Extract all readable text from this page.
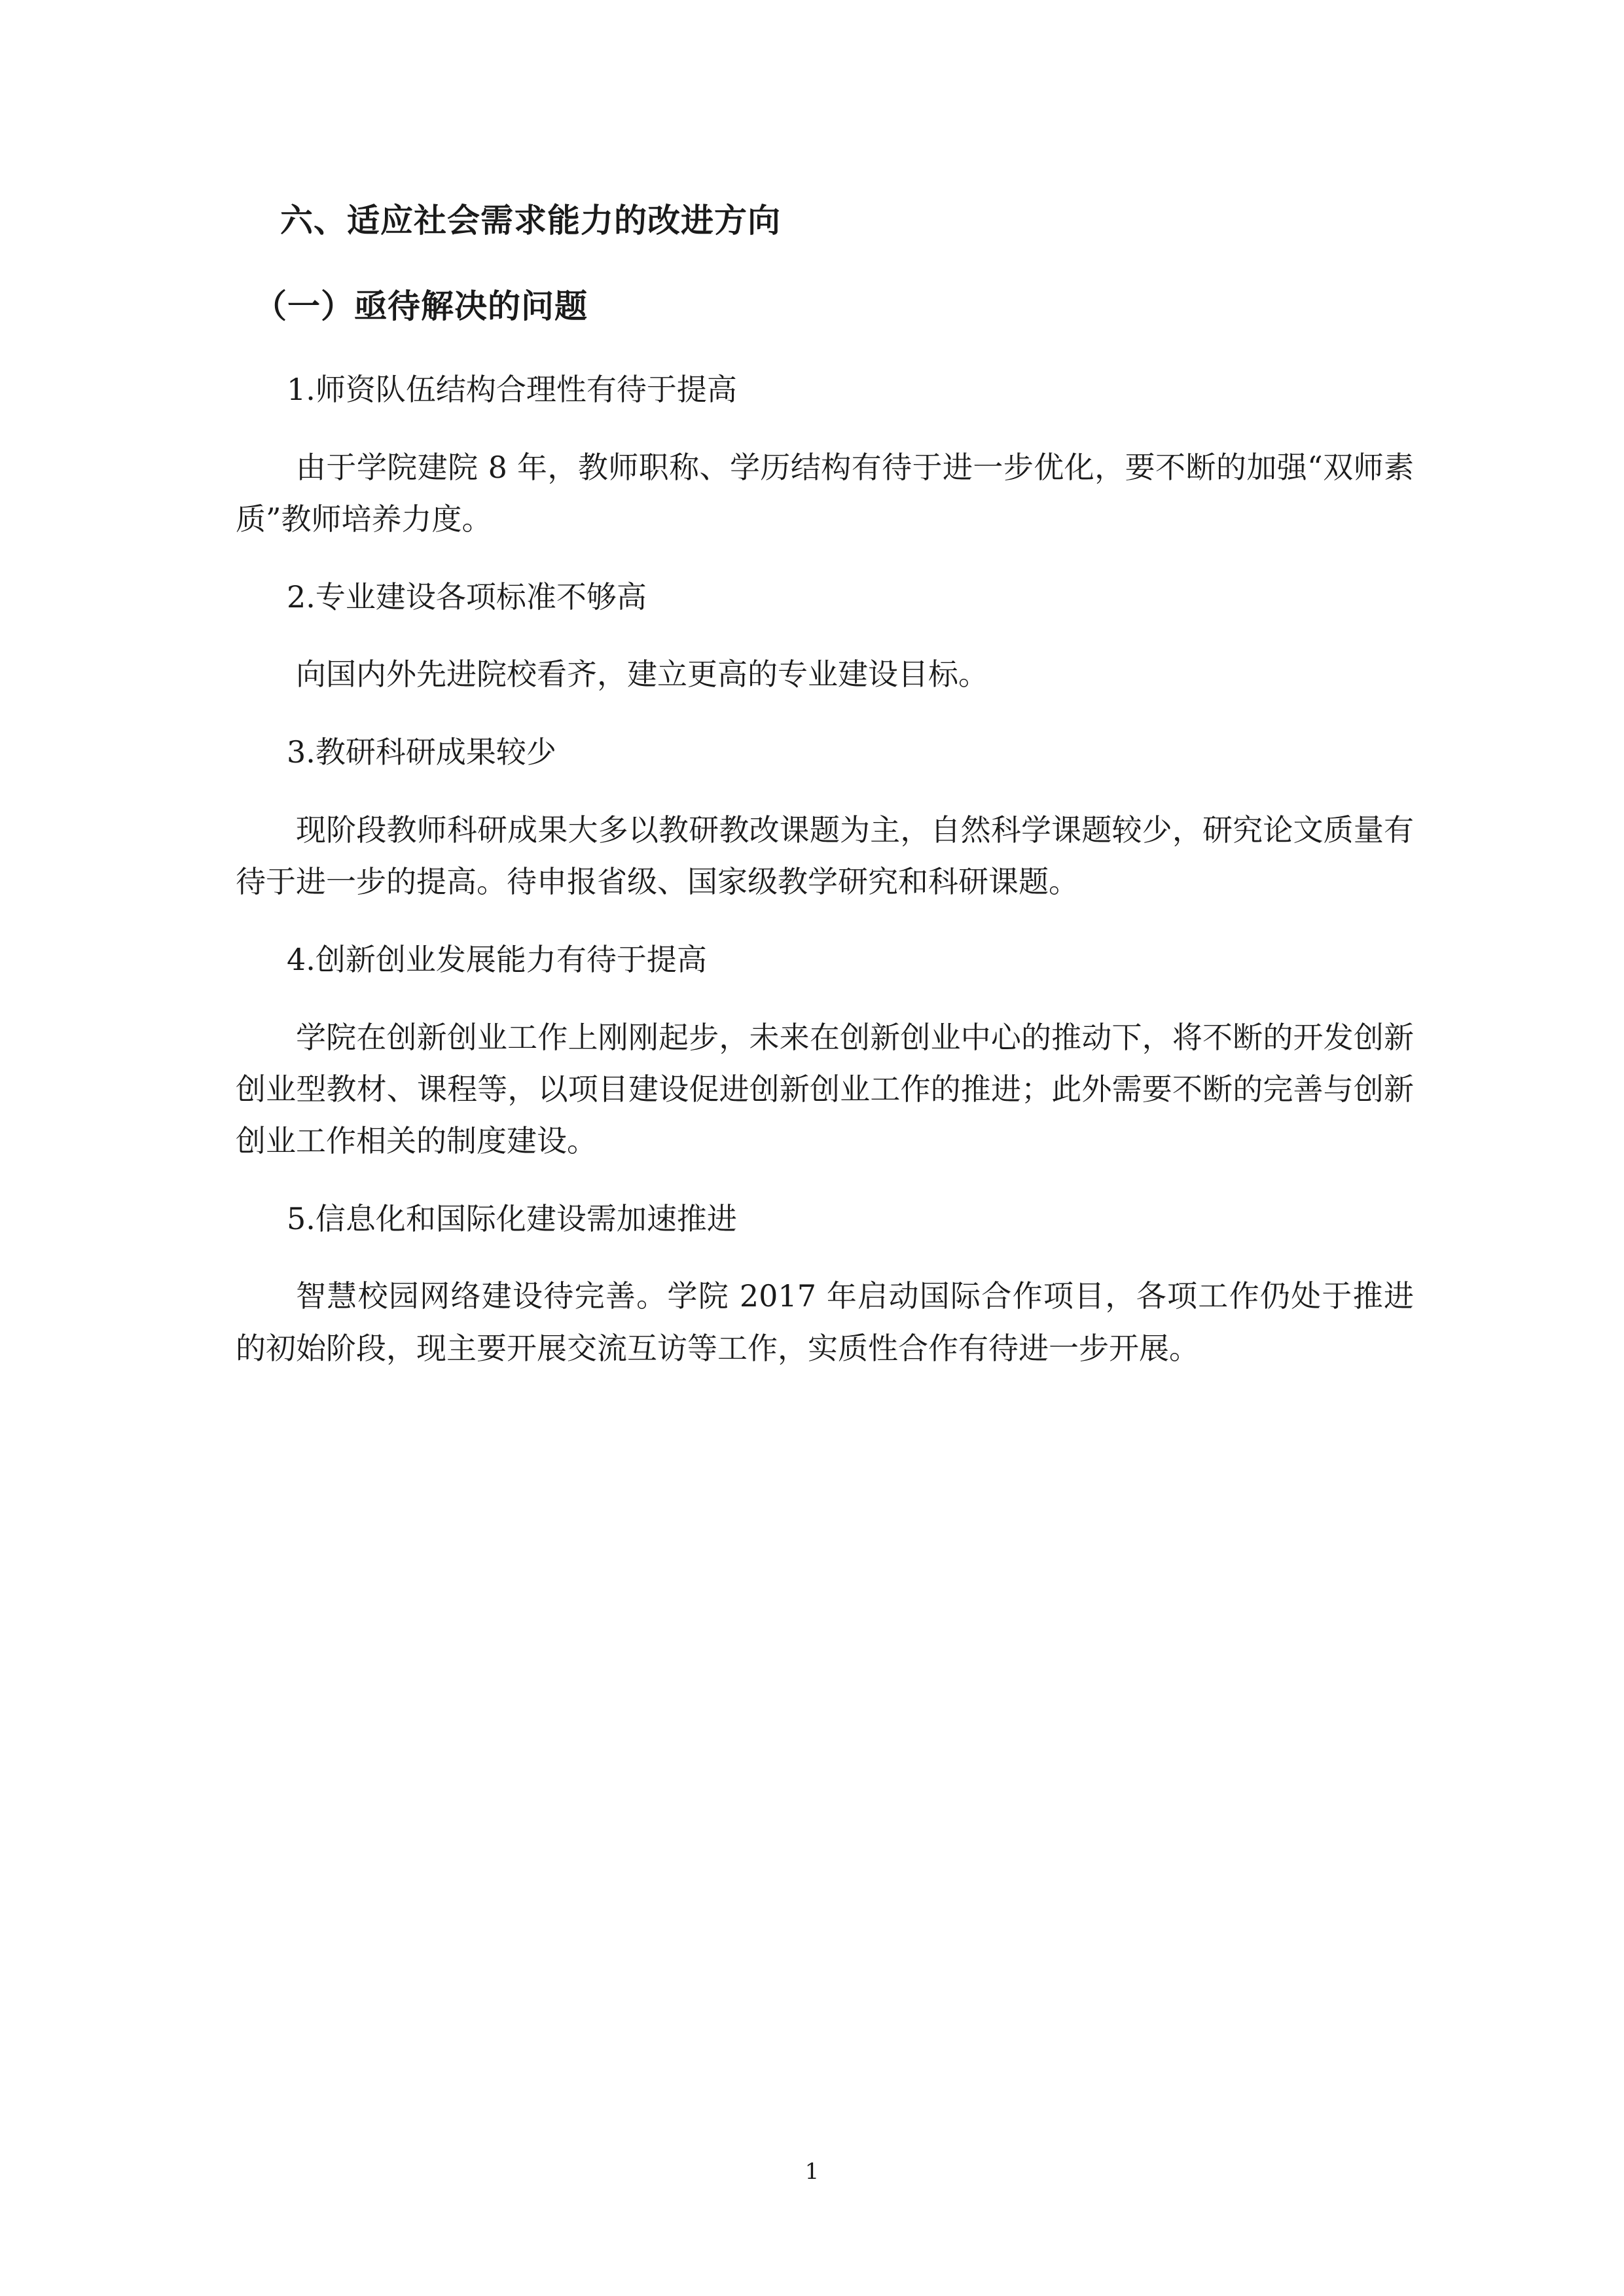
六、适应社会需求能力的改进方向
（一）亟待解决的问题

1.师资队伍结构合理性有待于提高

由于学院建院 8 年，教师职称、学历结构有待于进一步优化，要不断的加强“双师素质”教师培养力度。

2.专业建设各项标准不够高

向国内外先进院校看齐，建立更高的专业建设目标。

3.教研科研成果较少

现阶段教师科研成果大多以教研教改课题为主，自然科学课题较少，研究论文质量有待于进一步的提高。待申报省级、国家级教学研究和科研课题。

4.创新创业发展能力有待于提高

学院在创新创业工作上刚刚起步，未来在创新创业中心的推动下，将不断的开发创新创业型教材、课程等，以项目建设促进创新创业工作的推进；此外需要不断的完善与创新创业工作相关的制度建设。

5.信息化和国际化建设需加速推进

智慧校园网络建设待完善。学院 2017 年启动国际合作项目，各项工作仍处于推进的初始阶段，现主要开展交流互访等工作，实质性合作有待进一步开展。

1
